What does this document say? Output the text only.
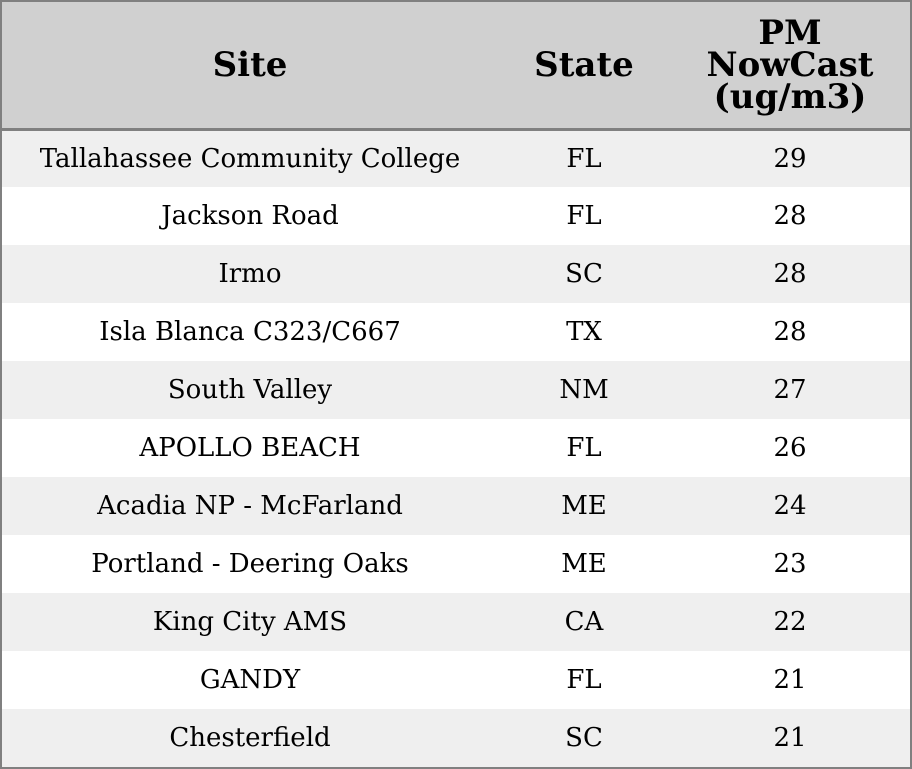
Site	State	PM
NowCast
(ug/m3)

Tallahassee Community College	FL	29
Jackson Road	FL	28
Irmo	SC	28
Isla Blanca C323/C667	TX	28
South Valley	NM	27
APOLLO BEACH	FL	26
Acadia NP - McFarland	ME	24
Portland - Deering Oaks	ME	23
King City AMS	CA	22
GANDY	FL	21
Chesterfield	SC	21
